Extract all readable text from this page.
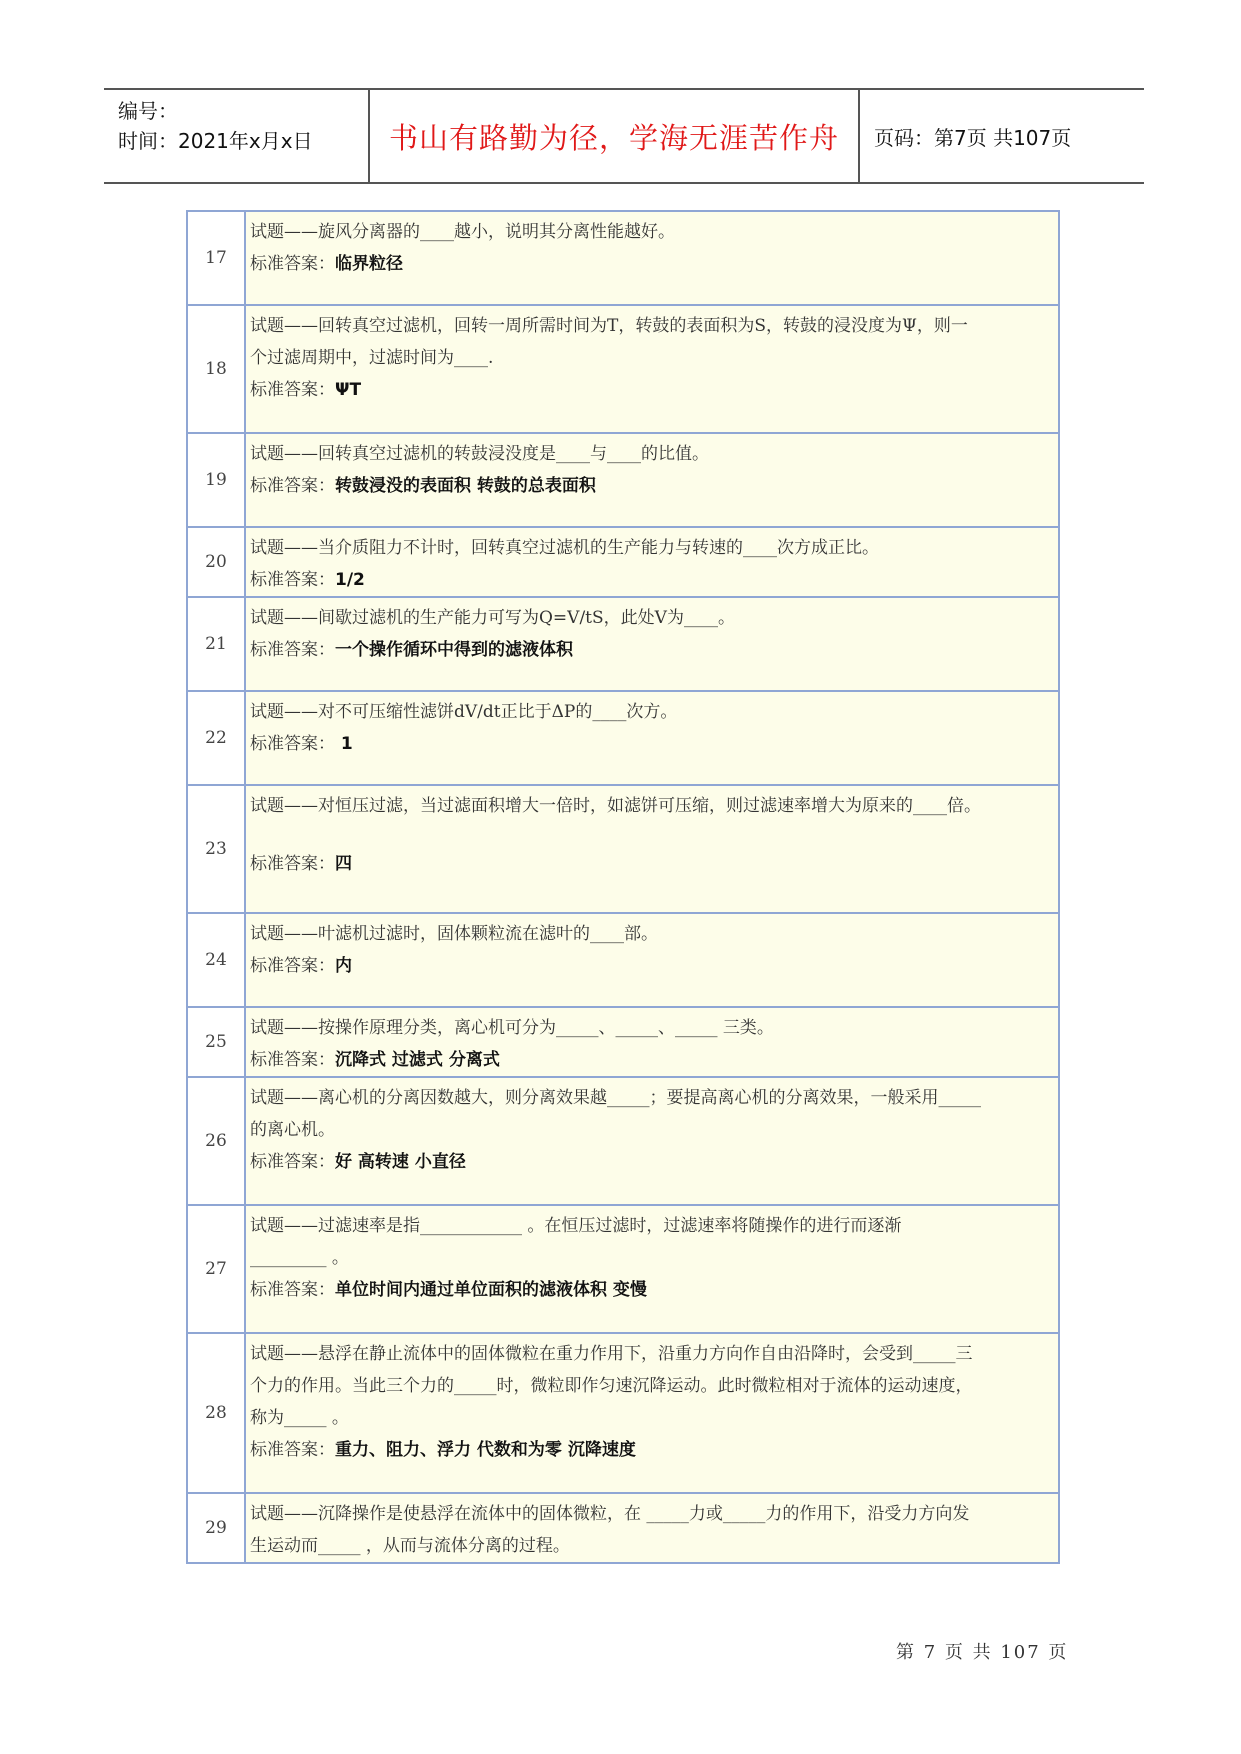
编号：
时间：2021年x月x日	书山有路勤为径，学海无涯苦作舟 页码：第7页 共107页
17	试题——旋风分离器的____越小，说明其分离性能越好。
标准答案：临界粒径

18	试题——回转真空过滤机，回转一周所需时间为T，转鼓的表面积为S，转鼓的浸没度为Ψ，则一
个过滤周期中，过滤时间为____.
标准答案：ΨT

19	试题——回转真空过滤机的转鼓浸没度是____与____的比值。
标准答案：转鼓浸没的表面积 转鼓的总表面积

20	试题——当介质阻力不计时，回转真空过滤机的生产能力与转速的____次方成正比。
标准答案：1/2

21	试题——间歇过滤机的生产能力可写为Q=V/tS，此处V为____。
标准答案：一个操作循环中得到的滤液体积

22	试题——对不可压缩性滤饼dV/dt正比于ΔP的____次方。
标准答案： 1

23	试题——对恒压过滤，当过滤面积增大一倍时，如滤饼可压缩，则过滤速率增大为原来的____倍。
标准答案：四

24	试题——叶滤机过滤时，固体颗粒流在滤叶的____部。
标准答案：内

25	试题——按操作原理分类，离心机可分为_____、_____、_____ 三类。
标准答案：沉降式 过滤式 分离式

26	试题——离心机的分离因数越大，则分离效果越_____；要提高离心机的分离效果，一般采用_____
的离心机。
标准答案：好 高转速 小直径

27	试题——过滤速率是指____________ 。在恒压过滤时，过滤速率将随操作的进行而逐渐
_________ 。
标准答案：单位时间内通过单位面积的滤液体积 变慢

28	试题——悬浮在静止流体中的固体微粒在重力作用下，沿重力方向作自由沿降时，会受到_____三
个力的作用。当此三个力的_____时，微粒即作匀速沉降运动。此时微粒相对于流体的运动速度，
称为_____ 。
标准答案：重力、阻力、浮力 代数和为零 沉降速度

29	试题——沉降操作是使悬浮在流体中的固体微粒，在 _____力或_____力的作用下，沿受力方向发
生运动而_____ ，从而与流体分离的过程。
第 7 页 共 107 页
